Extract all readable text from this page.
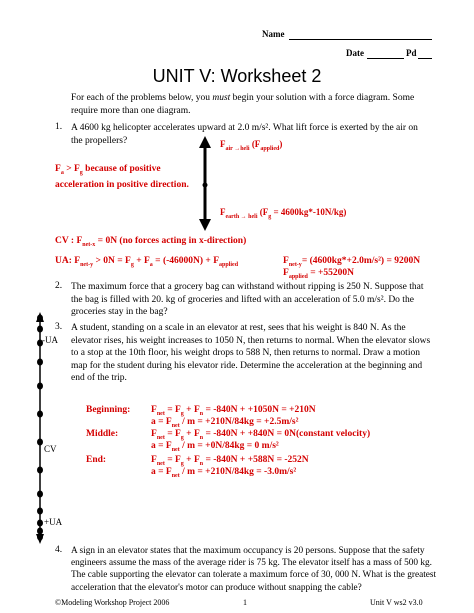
Name
Date	Pd
UNIT V: Worksheet 2
For each of the problems below, you must begin your solution with a force diagram. Some require more than one diagram.
1. A 4600 kg helicopter accelerates upward at 2.0 m/s². What lift force is exerted by the air on the propellers?	$F_{air \to heli}$ $(F_{applied})$
$F_{earth \to heli}$ $(F_g = 4600kg*-10N/kg)$
$F_a > F_g$ because of positive
acceleration in positive direction.
CV : $F_{net-x} = 0N$ (no forces acting in x-direction)
UA: $F_{net-y} > 0N = F_g + F_a = (-46000N) + F_{applied}$	$F_{net-y}= (4600kg*+2.0m/s^2) = 9200N$
$F_{applied} = +55200N$
2. The maximum force that a grocery bag can withstand without ripping is 250 N. Suppose that the bag is filled with 20. kg of groceries and lifted with an acceleration of 5.0 m/s². Do the groceries stay in the bag?
-UA
CV
+UA
3. A student, standing on a scale in an elevator at rest, sees that his weight is 840 N. As the elevator rises, his weight increases to 1050 N, then returns to normal. When the elevator slows to a stop at the 10th floor, his weight drops to 588 N, then returns to normal. Draw a motion map for the student during his elevator ride. Determine the acceleration at the beginning and end of the trip.
Beginning: $F_{net} = F_g + F_n = -840N + +1050N = +210N$
$a = F_{net} / m = +210N/84kg = +2.5m/s^2$
Middle:	$F_{net} = F_g + F_n = -840N + +840N$ = 0N(constant velocity)
$a = F_{net} / m = +0N/84kg = 0$ m/s²
End:	$F_{net} = F_g + F_n = -840N + +588N = -252N$
$a = F_{net} / m = +210N/84kg = -3.0m/s^2$
4. A sign in an elevator states that the maximum occupancy is 20 persons. Suppose that the safety engineers assume the mass of the average rider is 75 kg. The elevator itself has a mass of 500 kg. The cable supporting the elevator can tolerate a maximum force of 30, 000 N. What is the greatest acceleration that the elevator's motor can produce without snapping the cable?
©Modeling Workshop Project 2006	1	Unit V ws2 v3.0
